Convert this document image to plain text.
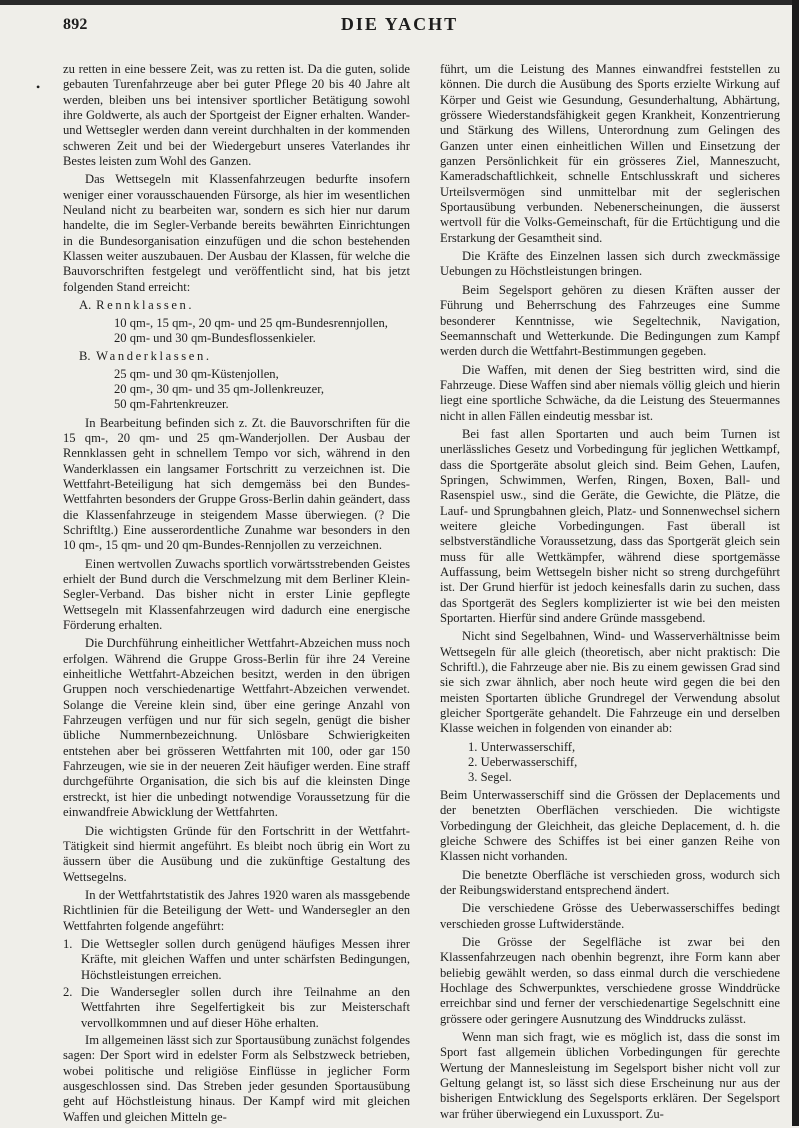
892	DIE YACHT
•

zu retten in eine bessere Zeit, was zu retten ist. Da die guten, solide gebauten Turenfahrzeuge aber bei guter Pflege 20 bis 40 Jahre alt werden, bleiben uns bei intensiver sportlicher Betätigung sowohl ihre Goldwerte, als auch der Sportgeist der Eigner erhalten. Wander- und Wettsegler werden dann vereint durchhalten in der kommenden schweren Zeit und bei der Wiedergeburt unseres Vaterlandes ihr Bestes leisten zum Wohl des Ganzen.

Das Wettsegeln mit Klassenfahrzeugen bedurfte insofern weniger einer vorausschauenden Fürsorge, als hier im wesentlichen Neuland nicht zu bearbeiten war, sondern es sich hier nur darum handelte, die im Segler-Verbande bereits bewährten Einrichtungen in die Bundesorganisation einzufügen und die schon bestehenden Klassen weiter auszubauen. Der Ausbau der Klassen, für welche die Bauvorschriften festgelegt und veröffentlicht sind, hat bis jetzt folgenden Stand erreicht:

A. Rennklassen.
10 qm-, 15 qm-, 20 qm- und 25 qm-Bundesrennjollen,
20 qm- und 30 qm-Bundesflossenkieler.
B. Wanderklassen.
25 qm- und 30 qm-Küstenjollen,
20 qm-, 30 qm- und 35 qm-Jollenkreuzer,
50 qm-Fahrtenkreuzer.

In Bearbeitung befinden sich z. Zt. die Bauvorschriften für die 15 qm-, 20 qm- und 25 qm-Wanderjollen. Der Ausbau der Rennklassen geht in schnellem Tempo vor sich, während in den Wanderklassen ein langsamer Fortschritt zu verzeichnen ist. Die Wettfahrt-Beteiligung hat sich demgemäss bei den Bundes-Wettfahrten besonders der Gruppe Gross-Berlin dahin geändert, dass die Klassenfahrzeuge in steigendem Masse überwiegen. (? Die Schriftltg.) Eine ausserordentliche Zunahme war besonders in den 10 qm-, 15 qm- und 20 qm-Bundes-Rennjollen zu verzeichnen.

Einen wertvollen Zuwachs sportlich vorwärtsstrebenden Geistes erhielt der Bund durch die Verschmelzung mit dem Berliner Klein-Segler-Verband. Das bisher nicht in erster Linie gepflegte Wettsegeln mit Klassenfahrzeugen wird dadurch eine energische Förderung erhalten.

Die Durchführung einheitlicher Wettfahrt-Abzeichen muss noch erfolgen. Während die Gruppe Gross-Berlin für ihre 24 Vereine einheitliche Wettfahrt-Abzeichen besitzt, werden in den übrigen Gruppen noch verschiedenartige Wettfahrt-Abzeichen verwendet. Solange die Vereine klein sind, über eine geringe Anzahl von Fahrzeugen verfügen und nur für sich segeln, genügt die bisher übliche Nummernbezeichnung. Unlösbare Schwierigkeiten entstehen aber bei grösseren Wettfahrten mit 100, oder gar 150 Fahrzeugen, wie sie in der neueren Zeit häufiger werden. Eine straff durchgeführte Organisation, die sich bis auf die kleinsten Dinge erstreckt, ist hier die unbedingt notwendige Voraussetzung für die einwandfreie Abwicklung der Wettfahrten.

Die wichtigsten Gründe für den Fortschritt in der Wettfahrt-Tätigkeit sind hiermit angeführt. Es bleibt noch übrig ein Wort zu äussern über die Ausübung und die zukünftige Gestaltung des Wettsegelns.

In der Wettfahrtstatistik des Jahres 1920 waren als massgebende Richtlinien für die Beteiligung der Wett- und Wandersegler an den Wettfahrten folgende angeführt:

1. Die Wettsegler sollen durch genügend häufiges Messen ihrer Kräfte, mit gleichen Waffen und unter schärfsten Bedingungen, Höchstleistungen erreichen.
2. Die Wandersegler sollen durch ihre Teilnahme an den Wettfahrten ihre Segelfertigkeit bis zur Meisterschaft vervollkommnen und auf dieser Höhe erhalten.

Im allgemeinen lässt sich zur Sportausübung zunächst folgendes sagen: Der Sport wird in edelster Form als Selbstzweck betrieben, wobei politische und religiöse Einflüsse in jeglicher Form ausgeschlossen sind. Das Streben jeder gesunden Sportausübung geht auf Höchstleistung hinaus. Der Kampf wird mit gleichen Waffen und gleichen Mitteln ge-

führt, um die Leistung des Mannes einwandfrei feststellen zu können. Die durch die Ausübung des Sports erzielte Wirkung auf Körper und Geist wie Gesundung, Gesunderhaltung, Abhärtung, grössere Wiederstandsfähigkeit gegen Krankheit, Konzentrierung und Stärkung des Willens, Unterordnung zum Gelingen des Ganzen unter einen einheitlichen Willen und Einsetzung der ganzen Persönlichkeit für ein grösseres Ziel, Manneszucht, Kameradschaftlichkeit, schnelle Entschlusskraft und sicheres Urteilsvermögen sind unmittelbar mit der seglerischen Sportausübung verbunden. Nebenerscheinungen, die äusserst wertvoll für die Volks-Gemeinschaft, für die Ertüchtigung und die Erstarkung der Gesamtheit sind.

Die Kräfte des Einzelnen lassen sich durch zweckmässige Uebungen zu Höchstleistungen bringen.

Beim Segelsport gehören zu diesen Kräften ausser der Führung und Beherrschung des Fahrzeuges eine Summe besonderer Kenntnisse, wie Segeltechnik, Navigation, Seemannschaft und Wetterkunde. Die Bedingungen zum Kampf werden durch die Wettfahrt-Bestimmungen gegeben.

Die Waffen, mit denen der Sieg bestritten wird, sind die Fahrzeuge. Diese Waffen sind aber niemals völlig gleich und hierin liegt eine sportliche Schwäche, da die Leistung des Steuermannes nicht in allen Fällen eindeutig messbar ist.

Bei fast allen Sportarten und auch beim Turnen ist unerlässliches Gesetz und Vorbedingung für jeglichen Wettkampf, dass die Sportgeräte absolut gleich sind. Beim Gehen, Laufen, Springen, Schwimmen, Werfen, Ringen, Boxen, Ball- und Rasenspiel usw., sind die Geräte, die Gewichte, die Plätze, die Lauf- und Sprungbahnen gleich, Platz- und Sonnenwechsel sichern weitere gleiche Vorbedingungen. Fast überall ist selbstverständliche Voraussetzung, dass das Sportgerät gleich sein muss für alle Wettkämpfer, während diese sportgemässe Auffassung, beim Wettsegeln bisher nicht so streng durchgeführt ist. Der Grund hierfür ist jedoch keinesfalls darin zu suchen, dass das Sportgerät des Seglers komplizierter ist wie bei den meisten Sportarten. Hierfür sind andere Gründe massgebend.

Nicht sind Segelbahnen, Wind- und Wasserverhältnisse beim Wettsegeln für alle gleich (theoretisch, aber nicht praktisch: Die Schriftl.), die Fahrzeuge aber nie. Bis zu einem gewissen Grad sind sie sich zwar ähnlich, aber noch heute wird gegen die bei den meisten Sportarten übliche Grundregel der Verwendung absolut gleicher Sportgeräte gehandelt. Die Fahrzeuge ein und derselben Klasse weichen in folgenden von einander ab:

1. Unterwasserschiff,
2. Ueberwasserschiff,
3. Segel.

Beim Unterwasserschiff sind die Grössen der Deplacements und der benetzten Oberflächen verschieden. Die wichtigste Vorbedingung der Gleichheit, das gleiche Deplacement, d. h. die gleiche Schwere des Schiffes ist bei einer ganzen Reihe von Klassen nicht vorhanden.

Die benetzte Oberfläche ist verschieden gross, wodurch sich der Reibungswiderstand entsprechend ändert.

Die verschiedene Grösse des Ueberwasserschiffes bedingt verschieden grosse Luftwiderstände.

Die Grösse der Segelfläche ist zwar bei den Klassenfahrzeugen nach obenhin begrenzt, ihre Form kann aber beliebig gewählt werden, so dass einmal durch die verschiedene Hochlage des Schwerpunktes, verschiedene grosse Winddrücke erreichbar sind und ferner der verschiedenartige Segelschnitt eine grössere oder geringere Ausnutzung des Winddrucks zulässt.

Wenn man sich fragt, wie es möglich ist, dass die sonst im Sport fast allgemein üblichen Vorbedingungen für gerechte Wertung der Mannesleistung im Segelsport bisher nicht voll zur Geltung gelangt ist, so lässt sich diese Erscheinung nur aus der bisherigen Entwicklung des Segelsports erklären. Der Segelsport war früher überwiegend ein Luxussport. Zu-
